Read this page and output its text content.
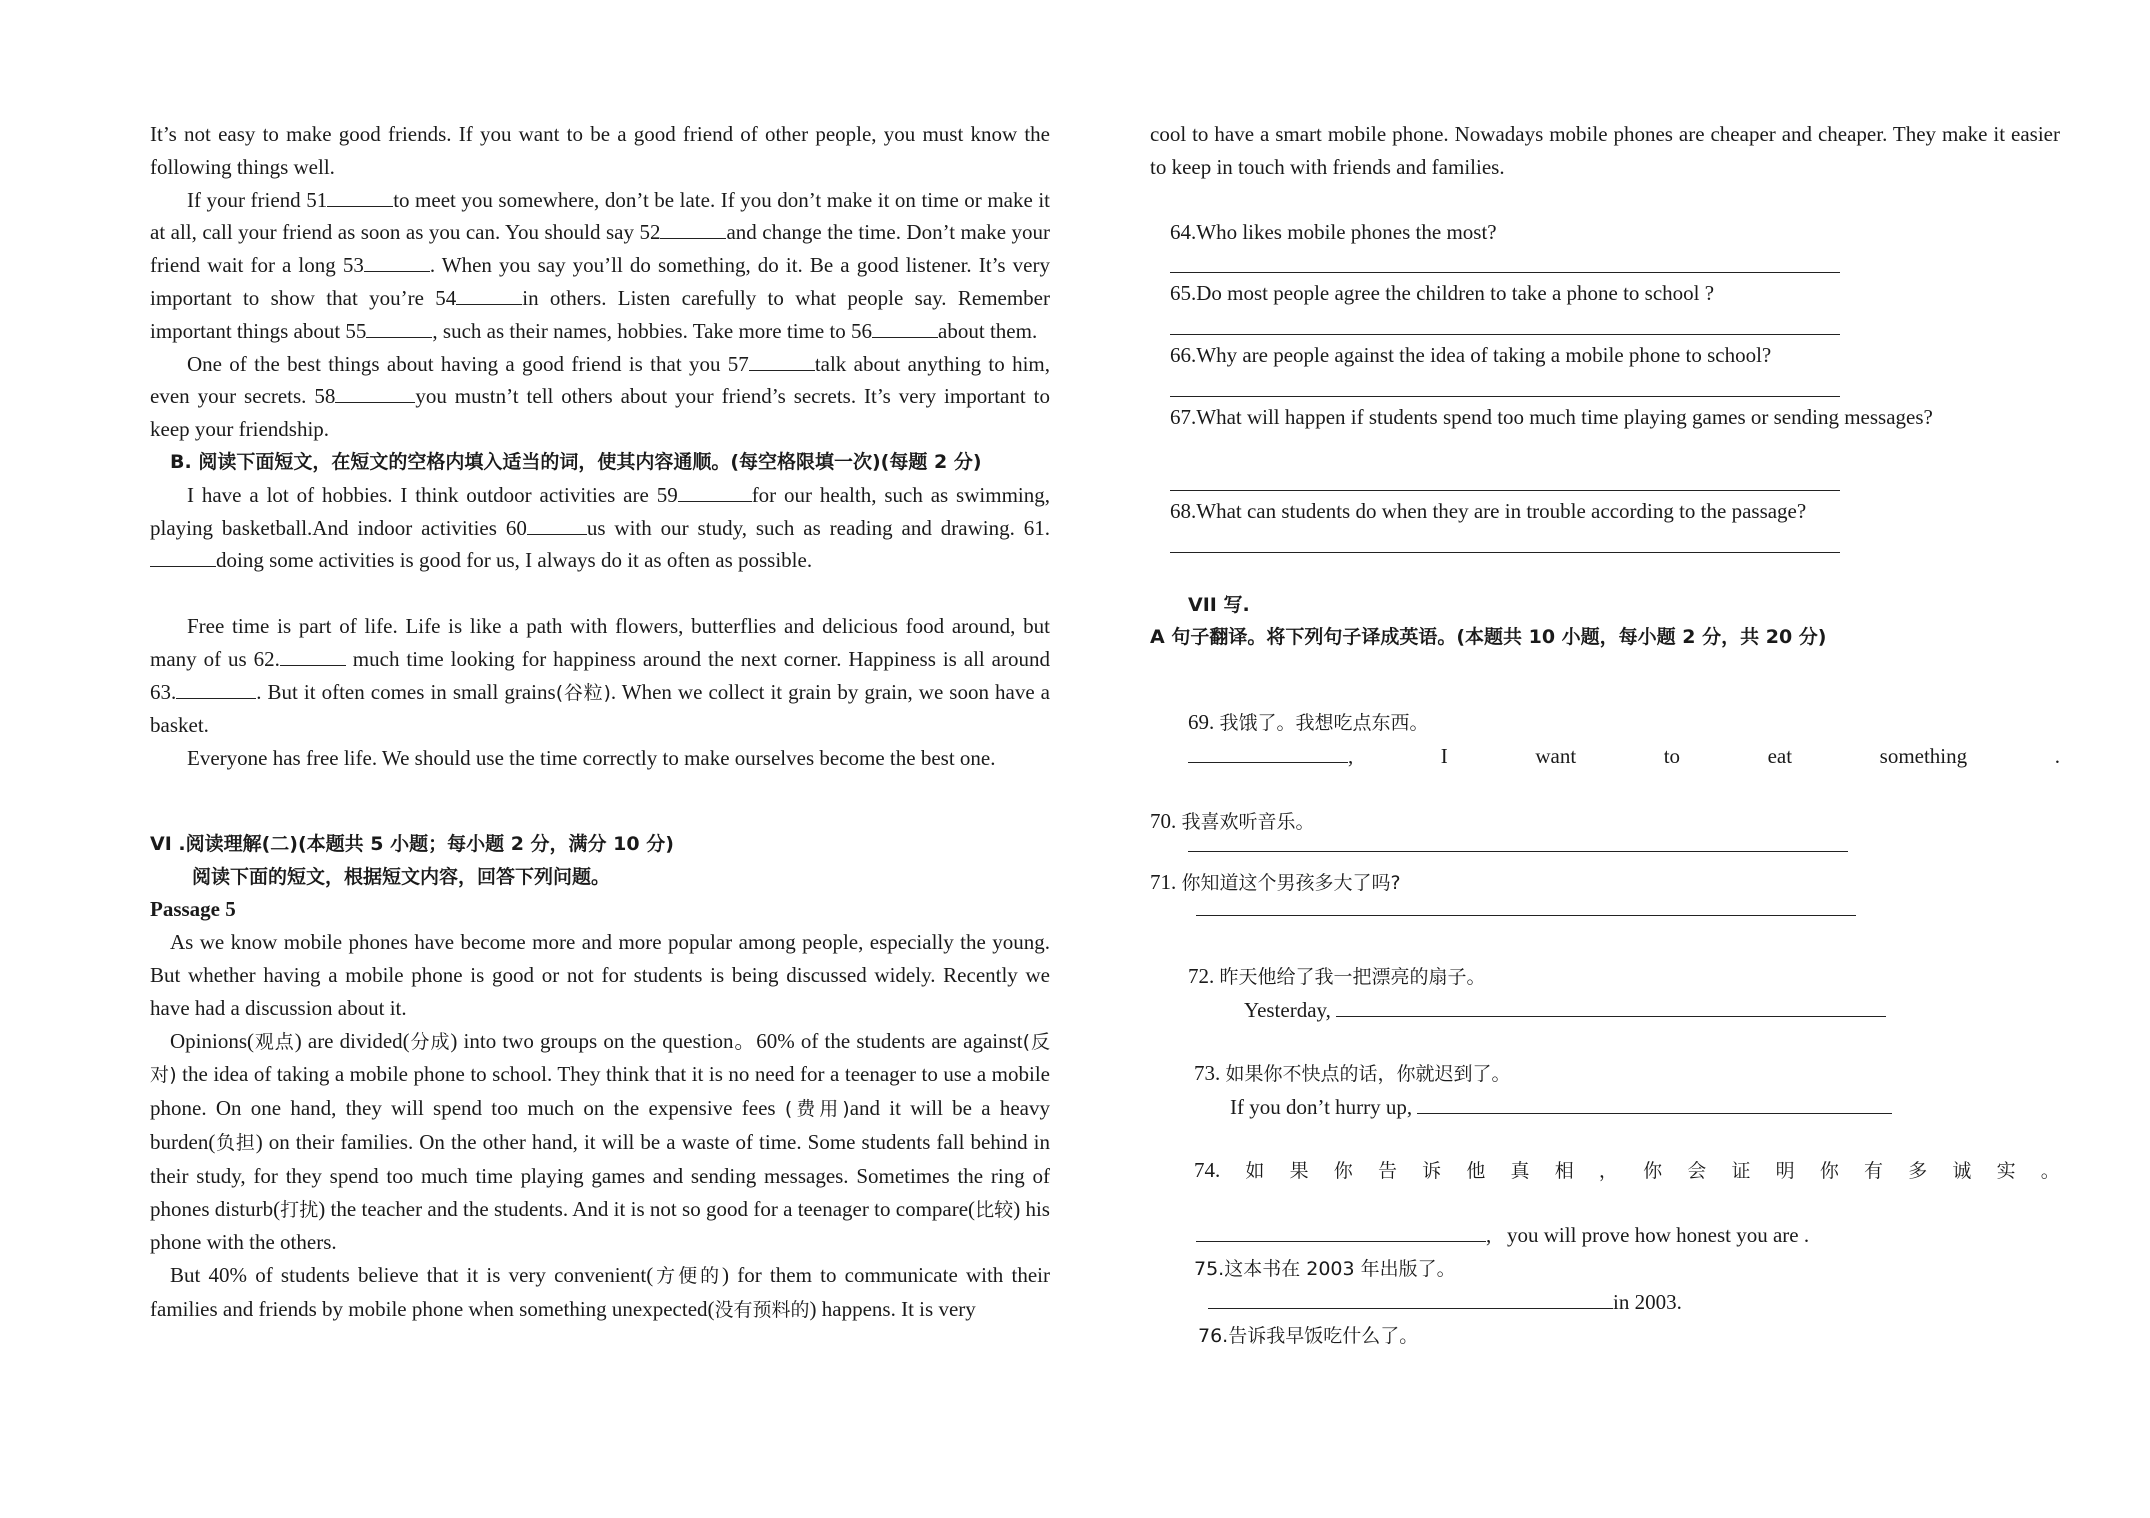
It’s not easy to make good friends. If you want to be a good friend of other people, you must know the following things well.

If your friend 51	to meet you somewhere, don’t be late. If you don’t make it on time or make it at all, call your friend as soon as you can. You should say 52	and change the time. Don’t make your friend wait for a long 53	. When you say you’ll do something, do it. Be a good listener. It’s very important to show that you’re 54	in others. Listen carefully to what people say. Remember important things about 55	, such as their names, hobbies. Take more time to 56	about them.

One of the best things about having a good friend is that you 57	talk about anything to him, even your secrets. 58	you mustn’t tell others about your friend’s secrets. It’s very important to keep your friendship.

B. 阅读下面短文，在短文的空格内填入适当的词，使其内容通顺。(每空格限填一次)(每题 2 分)

I have a lot of hobbies. I think outdoor activities are 59	for our health, such as swimming, playing basketball.And indoor activities 60	us with our study, such as reading and drawing. 61.doing some activities is good for us, I always do it as often as possible.

Free time is part of life. Life is like a path with flowers, butterflies and delicious food around, but many of us 62.	much time looking for happiness around the next corner. Happiness is all around 63.	. But it often comes in small grains(谷粒). When we collect it grain by grain, we soon have a basket.

Everyone has free life. We should use the time correctly to make ourselves become the best one.

VI .阅读理解(二)(本题共 5 小题；每小题 2 分，满分 10 分)

阅读下面的短文，根据短文内容，回答下列问题。

Passage 5

As we know mobile phones have become more and more popular among people, especially the young. But whether having a mobile phone is good or not for students is being discussed widely. Recently we have had a discussion about it.

Opinions(观点) are divided(分成) into two groups on the question。60% of the students are against(反对) the idea of taking a mobile phone to school. They think that it is no need for a teenager to use a mobile phone. On one hand, they will spend too much on the expensive fees (费用)and it will be a heavy burden(负担) on their families. On the other hand, it will be a waste of time. Some students fall behind in their study, for they spend too much time playing games and sending messages. Sometimes the ring of phones disturb(打扰) the teacher and the students. And it is not so good for a teenager to compare(比较) his phone with the others.

But 40% of students believe that it is very convenient(方便的) for them to communicate with their families and friends by mobile phone when something unexpected(没有预料的) happens. It is very

cool to have a smart mobile phone. Nowadays mobile phones are cheaper and cheaper. They make it easier to keep in touch with friends and families.

64.Who likes mobile phones the most?

65.Do most people agree the children to take a phone to school ?

66.Why are people against the idea of taking a mobile phone to school?

67.What will happen if students spend too much time playing games or sending messages?

68.What can students do when they are in trouble according to the passage?

VII 写.

A 句子翻译。将下列句子译成英语。(本题共 10 小题，每小题 2 分，共 20 分)

69. 我饿了。我想吃点东西。

,	I	want	to	eat	something	.

70. 我喜欢听音乐。

71. 你知道这个男孩多大了吗?

72. 昨天他给了我一把漂亮的扇子。

Yesterday,

73. 如果你不快点的话，你就迟到了。

If you don’t hurry up,

74. 如 果 你 告 诉 他 真 相 ， 你 会 证 明 你 有 多 诚 实 。

, you will prove how honest you are .

75.这本书在 2003 年出版了。

in 2003.

76.告诉我早饭吃什么了。
